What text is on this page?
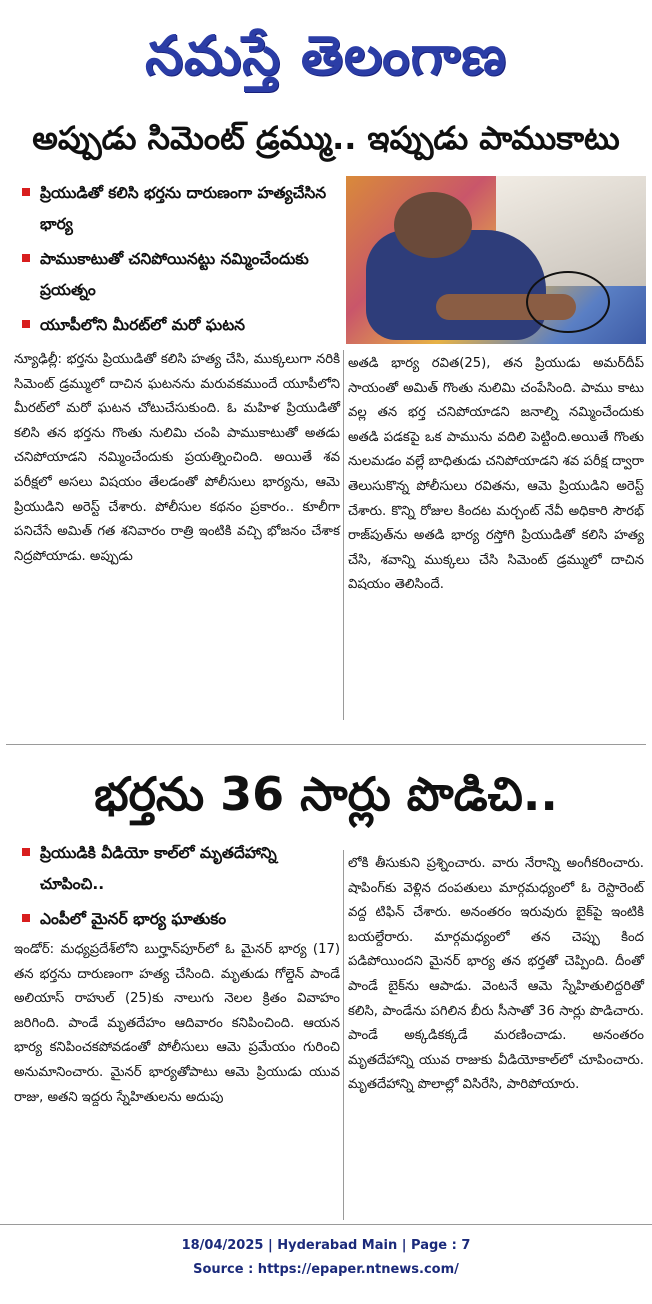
నమస్తే తెలంగాణ
అప్పుడు సిమెంట్ డ్రమ్ము.. ఇప్పుడు పాముకాటు
ప్రియుడితో కలిసి భర్తను దారుణంగా హత్యచేసిన భార్య
పాముకాటుతో చనిపోయినట్టు నమ్మించేందుకు ప్రయత్నం
యూపీలోని మీరట్‌లో మరో ఘటన
న్యూఢిల్లీ: భర్తను ప్రియుడితో కలిసి హత్య చేసి, ముక్కలుగా నరికి సిమెంట్ డ్రమ్ములో దాచిన ఘటనను మరువకముందే యూపీలోని మీరట్‌లో మరో ఘటన చోటుచేసుకుంది. ఓ మహిళ ప్రియుడితో కలిసి తన భర్తను గొంతు నులిమి చంపి పాముకాటుతో అతడు చనిపోయాడని నమ్మించేందుకు ప్రయత్నించింది. అయితే శవ పరీక్షలో అసలు విషయం తేలడంతో పోలీసులు భార్యను, ఆమె ప్రియుడిని అరెస్ట్ చేశారు. పోలీసుల కథనం ప్రకారం.. కూలీగా పనిచేసే అమిత్ గత శనివారం రాత్రి ఇంటికి వచ్చి భోజనం చేశాక నిద్రపోయాడు. అప్పుడు
అతడి భార్య రవిత(25), తన ప్రియుడు అమర్‌దీప్ సాయంతో అమిత్ గొంతు నులిమి చంపేసింది. పాము కాటు వల్ల తన భర్త చనిపోయాడని జనాల్ని నమ్మించేందుకు అతడి పడకపై ఒక పామును వదిలి పెట్టింది.అయితే గొంతు నులమడం వల్లే బాధితుడు చనిపోయాడని శవ పరీక్ష ద్వారా తెలుసుకొన్న పోలీసులు రవితను, ఆమె ప్రియుడిని అరెస్ట్ చేశారు. కొన్ని రోజుల కిందట మర్చంట్ నేవీ అధికారి సౌరభ్ రాజ్‌పుత్‌ను అతడి భార్య రస్తోగి ప్రియుడితో కలిసి హత్య చేసి, శవాన్ని ముక్కలు చేసి సిమెంట్ డ్రమ్ములో దాచిన విషయం తెలిసిందే.
భర్తను 36 సార్లు పొడిచి..
ప్రియుడికి వీడియో కాల్‌లో మృతదేహాన్ని చూపించి..
ఎంపీలో మైనర్ భార్య ఘాతుకం
ఇండోర్: మధ్యప్రదేశ్‌లోని బుర్హాన్‌పూర్‌లో ఓ మైనర్ భార్య (17) తన భర్తను దారుణంగా హత్య చేసింది. మృతుడు గోల్డెన్ పాండే అలియాస్ రాహుల్ (25)కు నాలుగు నెలల క్రితం వివాహం జరిగింది. పాండే మృతదేహం ఆదివారం కనిపించింది. ఆయన భార్య కనిపించకపోవడంతో పోలీసులు ఆమె ప్రమేయం గురించి అనుమానించారు. మైనర్ భార్యతోపాటు ఆమె ప్రియుడు యువ రాజు, అతని ఇద్దరు స్నేహితులను అదుపు
లోకి తీసుకుని ప్రశ్నించారు. వారు నేరాన్ని అంగీకరించారు. షాపింగ్‌కు వెళ్లిన దంపతులు మార్గమధ్యంలో ఓ రెస్టారెంట్ వద్ద టిఫిన్ చేశారు. అనంతరం ఇరువురు బైక్‌పై ఇంటికి బయల్దేరారు. మార్గమధ్యంలో తన చెప్పు కింద పడిపోయిందని మైనర్ భార్య తన భర్తతో చెప్పింది. దీంతో పాండే బైక్‌ను ఆపాడు. వెంటనే ఆమె స్నేహితులిద్దరితో కలిసి, పాండేను పగిలిన బీరు సీసాతో 36 సార్లు పొడిచారు. పాండే అక్కడికక్కడే మరణించాడు. అనంతరం మృతదేహాన్ని యువ రాజుకు వీడియోకాల్‌లో చూపించారు. మృతదేహాన్ని పొలాల్లో విసిరేసి, పారిపోయారు.
18/04/2025 | Hyderabad Main | Page : 7
Source : https://epaper.ntnews.com/
